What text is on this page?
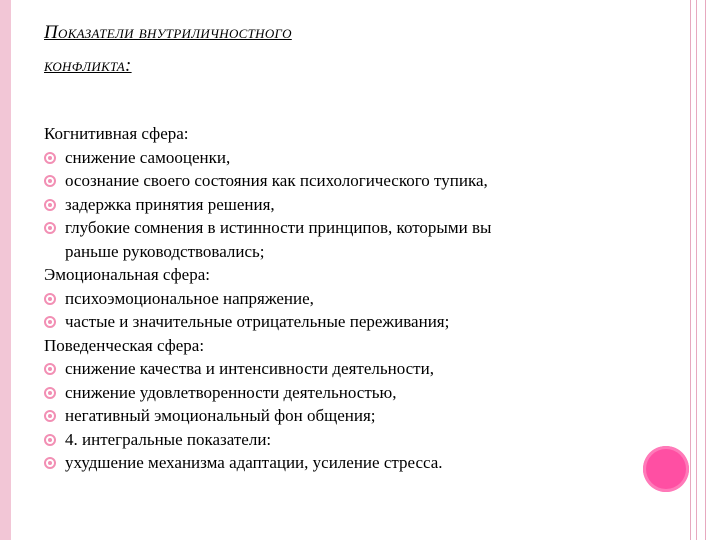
Показатели внутриличностного
конфликта:
Когнитивная сфера:
снижение самооценки,
осознание своего состояния как психологического тупика,
задержка принятия решения,
глубокие сомнения в истинности принципов, которыми вы
раньше руководствовались;
Эмоциональная сфера:
психоэмоциональное напряжение,
частые и значительные отрицательные переживания;
Поведенческая сфера:
снижение качества и интенсивности деятельности,
снижение удовлетворенности деятельностью,
негативный эмоциональный фон общения;
4. интегральные показатели:
ухудшение механизма адаптации, усиление стресса.
